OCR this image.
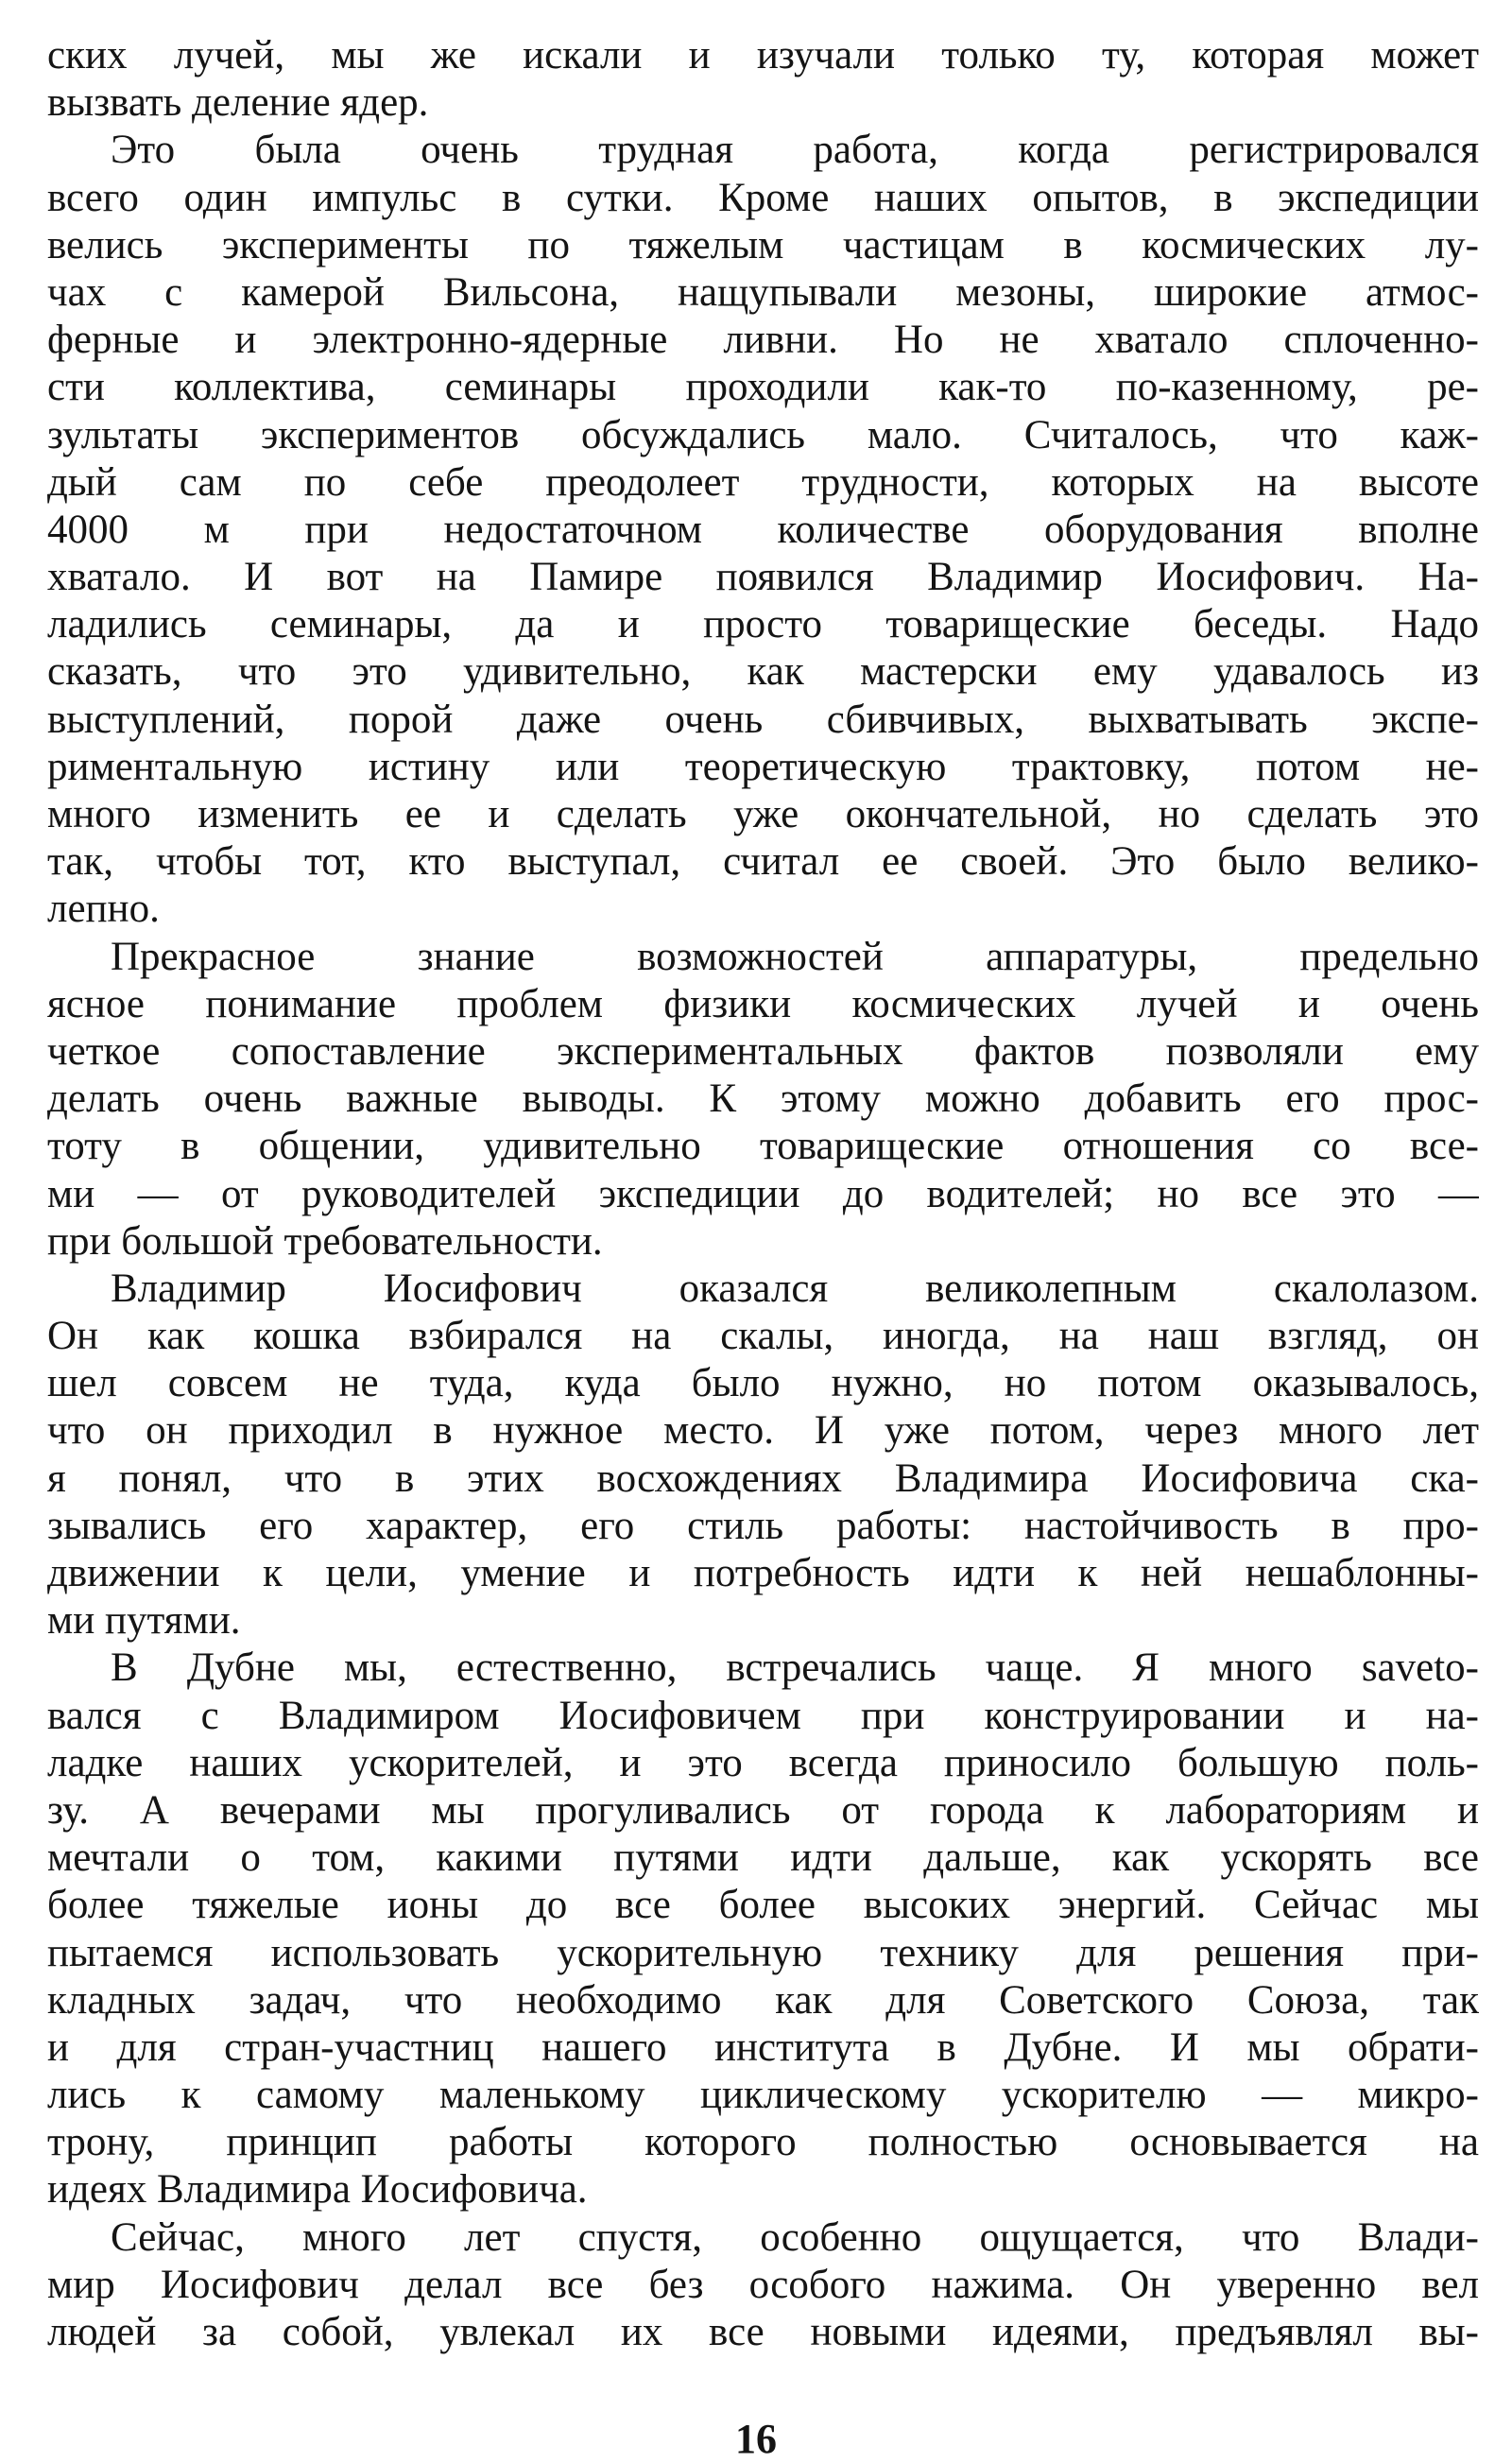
ских лучей, мы же искали и изучали только ту, которая может
вызвать деление ядер.
Это была очень трудная работа, когда регистрировался
всего один импульс в сутки. Кроме наших опытов, в экспедиции
велись эксперименты по тяжелым частицам в космических лу-
чах с камерой Вильсона, нащупывали мезоны, широкие атмос-
ферные и электронно-ядерные ливни. Но не хватало сплоченно-
сти коллектива, семинары проходили как-то по-казенному, ре-
зультаты экспериментов обсуждались мало. Считалось, что каж-
дый сам по себе преодолеет трудности, которых на высоте
4000 м при недостаточном количестве оборудования вполне
хватало. И вот на Памире появился Владимир Иосифович. На-
ладились семинары, да и просто товарищеские беседы. Надо
сказать, что это удивительно, как мастерски ему удавалось из
выступлений, порой даже очень сбивчивых, выхватывать экспе-
риментальную истину или теоретическую трактовку, потом не-
много изменить ее и сделать уже окончательной, но сделать это
так, чтобы тот, кто выступал, считал ее своей. Это было велико-
лепно.
Прекрасное знание возможностей аппаратуры, предельно
ясное понимание проблем физики космических лучей и очень
четкое сопоставление экспериментальных фактов позволяли ему
делать очень важные выводы. К этому можно добавить его прос-
тоту в общении, удивительно товарищеские отношения со все-
ми — от руководителей экспедиции до водителей; но все это —
при большой требовательности.
Владимир Иосифович оказался великолепным скалолазом.
Он как кошка взбирался на скалы, иногда, на наш взгляд, он
шел совсем не туда, куда было нужно, но потом оказывалось,
что он приходил в нужное место. И уже потом, через много лет
я понял, что в этих восхождениях Владимира Иосифовича ска-
зывались его характер, его стиль работы: настойчивость в про-
движении к цели, умение и потребность идти к ней нешаблонны-
ми путями.
В Дубне мы, естественно, встречались чаще. Я много savetо-
вался с Владимиром Иосифовичем при конструировании и на-
ладке наших ускорителей, и это всегда приносило большую поль-
зу. А вечерами мы прогуливались от города к лабораториям и
мечтали о том, какими путями идти дальше, как ускорять все
более тяжелые ионы до все более высоких энергий. Сейчас мы
пытаемся использовать ускорительную технику для решения при-
кладных задач, что необходимо как для Советского Союза, так
и для стран-участниц нашего института в Дубне. И мы обрати-
лись к самому маленькому циклическому ускорителю — микро-
трону, принцип работы которого полностью основывается на
идеях Владимира Иосифовича.
Сейчас, много лет спустя, особенно ощущается, что Влади-
мир Иосифович делал все без особого нажима. Он уверенно вел
людей за собой, увлекал их все новыми идеями, предъявлял вы-
16
